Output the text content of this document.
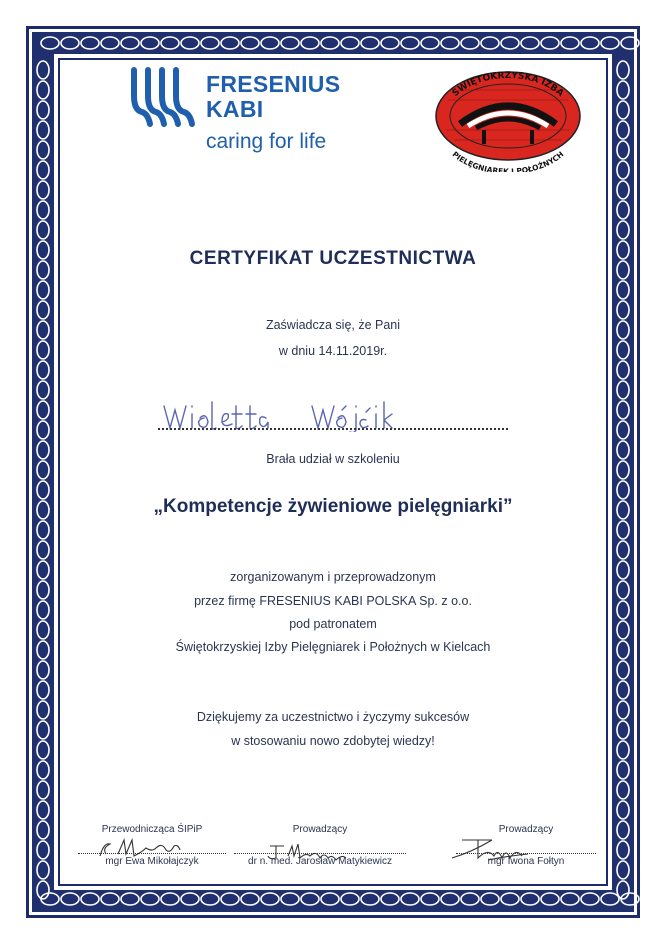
FRESENIUS
KABI
caring for life
ŚWIĘTOKRZYSKA IZBA
PIELĘGNIAREK I POŁOŻNYCH
CERTYFIKAT UCZESTNICTWA
Zaświadcza się, że Pani
w dniu 14.11.2019r.
Brała udział w szkoleniu
„Kompetencje żywieniowe pielęgniarki”
zorganizowanym i przeprowadzonym
przez firmę FRESENIUS KABI POLSKA Sp. z o.o.
pod patronatem
Świętokrzyskiej Izby Pielęgniarek i Położnych w Kielcach
Dziękujemy za uczestnictwo i życzymy sukcesów
w stosowaniu nowo zdobytej wiedzy!
Przewodnicząca ŚIPiP
mgr Ewa Mikołajczyk
Prowadzący
dr n. med. Jarosław Matykiewicz
Prowadzący
mgr Iwona Fołtyn
